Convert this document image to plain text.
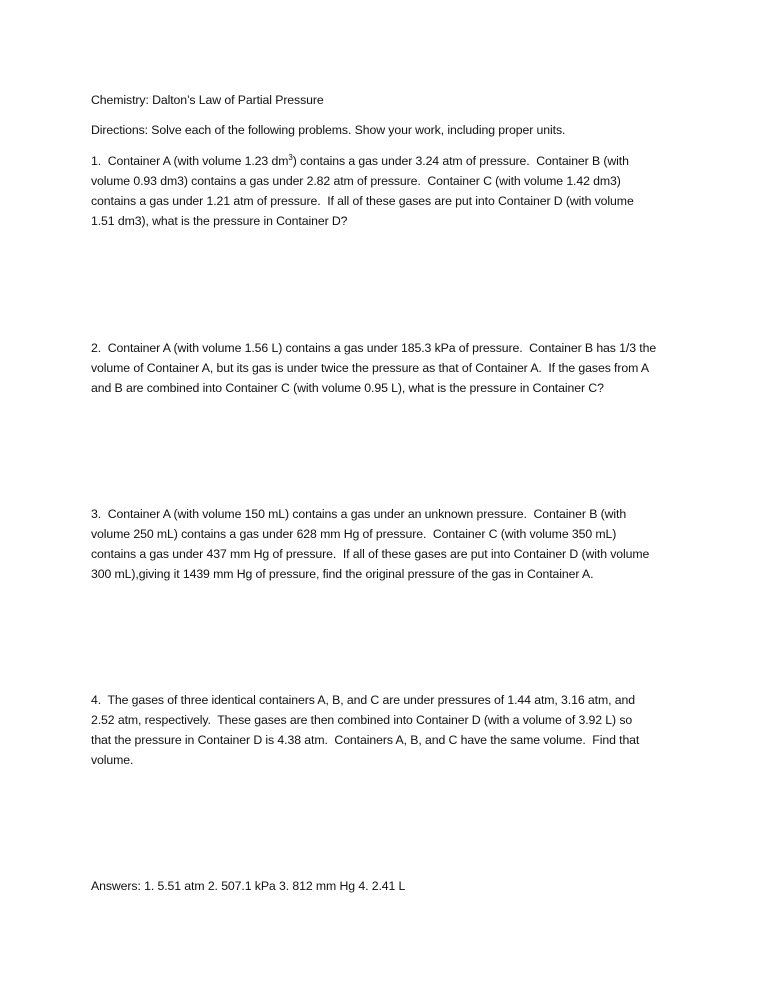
Chemistry: Dalton’s Law of Partial Pressure

Directions: Solve each of the following problems. Show your work, including proper units.

1.  Container A (with volume 1.23 $dm^3$) contains a gas under 3.24 atm of pressure.  Container B (with
volume 0.93 dm3) contains a gas under 2.82 atm of pressure.  Container C (with volume 1.42 dm3)
contains a gas under 1.21 atm of pressure.  If all of these gases are put into Container D (with volume
1.51 dm3), what is the pressure in Container D?
2.  Container A (with volume 1.56 L) contains a gas under 185.3 kPa of pressure.  Container B has 1/3 the
volume of Container A, but its gas is under twice the pressure as that of Container A.  If the gases from A
and B are combined into Container C (with volume 0.95 L), what is the pressure in Container C?
3.  Container A (with volume 150 mL) contains a gas under an unknown pressure.  Container B (with
volume 250 mL) contains a gas under 628 mm Hg of pressure.  Container C (with volume 350 mL)
contains a gas under 437 mm Hg of pressure.  If all of these gases are put into Container D (with volume
300 mL),giving it 1439 mm Hg of pressure, find the original pressure of the gas in Container A.
4.  The gases of three identical containers A, B, and C are under pressures of 1.44 atm, 3.16 atm, and
2.52 atm, respectively.  These gases are then combined into Container D (with a volume of 3.92 L) so
that the pressure in Container D is 4.38 atm.  Containers A, B, and C have the same volume.  Find that
volume.

Answers: 1. 5.51 atm 2. 507.1 kPa 3. 812 mm Hg 4. 2.41 L
